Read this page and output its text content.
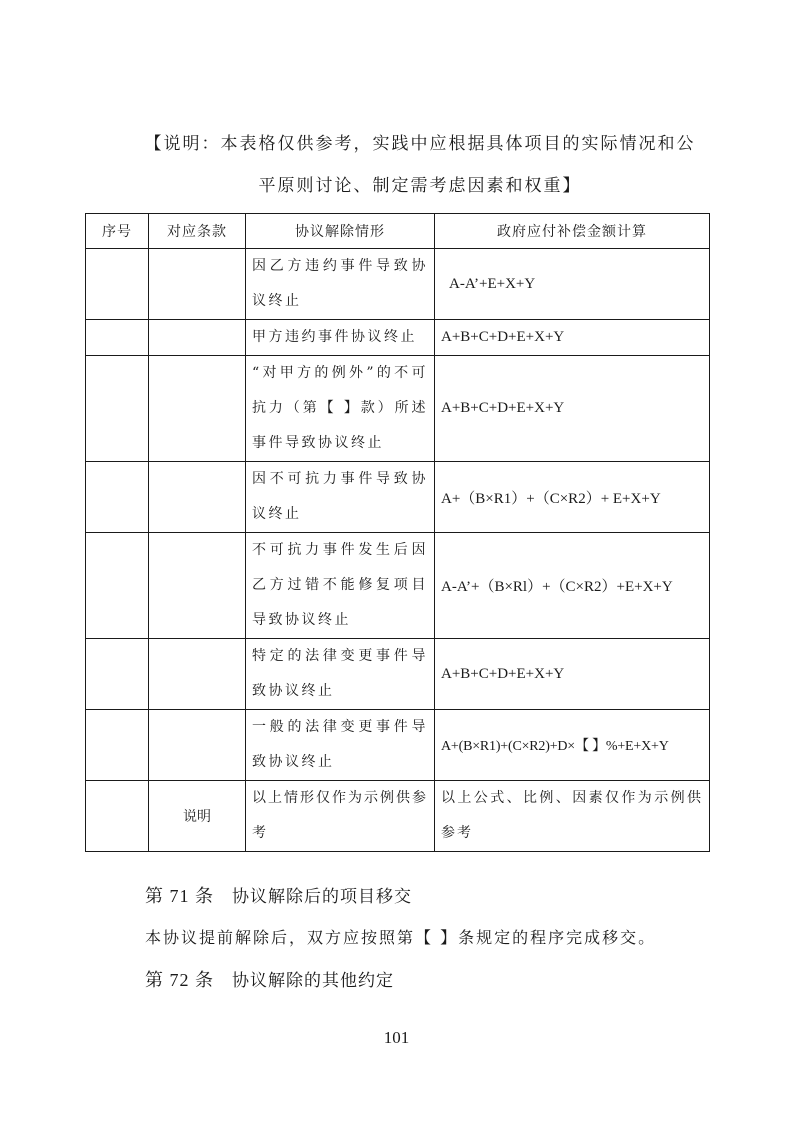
【说明：本表格仅供参考，实践中应根据具体项目的实际情况和公
平原则讨论、制定需考虑因素和权重】
序号	对应条款	协议解除情形	政府应付补偿金额计算
		因乙方违约事件导致协议终止	A-A’+E+X+Y
		甲方违约事件协议终止	A+B+C+D+E+X+Y
		“对甲方的例外”的不可抗力（第【 】款）所述事件导致协议终止	A+B+C+D+E+X+Y
		因不可抗力事件导致协议终止	A+（B×R1）+（C×R2）+ E+X+Y
		不可抗力事件发生后因乙方过错不能修复项目导致协议终止	A-A’+（B×Rl）+（C×R2）+E+X+Y
		特定的法律变更事件导致协议终止	A+B+C+D+E+X+Y
		一般的法律变更事件导致协议终止	A+(B×R1)+(C×R2)+D×【 】%+E+X+Y
	说明	以上情形仅作为示例供参考	以上公式、比例、因素仅作为示例供参考
第 71 条 协议解除后的项目移交
本协议提前解除后，双方应按照第【 】条规定的程序完成移交。
第 72 条 协议解除的其他约定
101
